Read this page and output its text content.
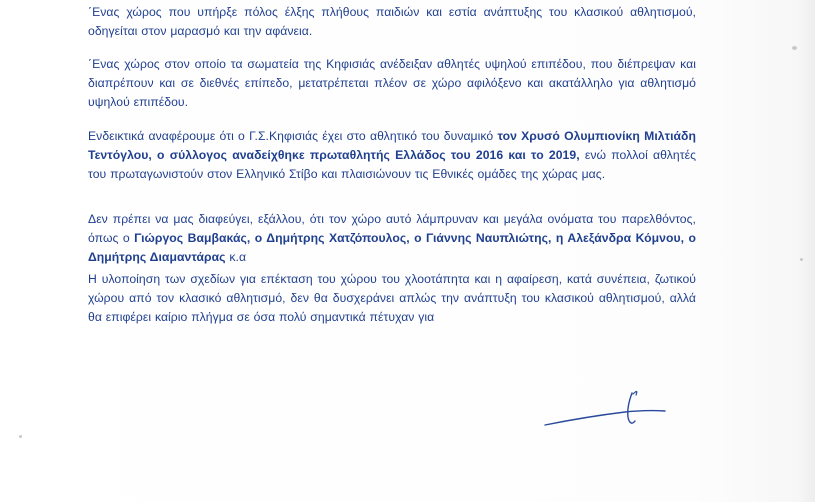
΄Ενας χώρος που υπήρξε πόλος έλξης πλήθους παιδιών και εστία ανάπτυξης του κλασικού αθλητισμού, οδηγείται στον μαρασμό και την αφάνεια.

΄Ενας χώρος στον οποίο τα σωματεία της Κηφισιάς ανέδειξαν αθλητές υψηλού επιπέδου, που διέπρεψαν και διαπρέπουν και σε διεθνές επίπεδο, μετατρέπεται πλέον σε χώρο αφιλόξενο και ακατάλληλο για αθλητισμό υψηλού επιπέδου.

Ενδεικτικά αναφέρουμε ότι ο Γ.Σ.Κηφισιάς έχει στο αθλητικό του δυναμικό τον Χρυσό Ολυμπιονίκη Μιλτιάδη Τεντόγλου, ο σύλλογος αναδείχθηκε πρωταθλητής Ελλάδος του 2016 και το 2019, ενώ πολλοί αθλητές του πρωταγωνιστούν στον Ελληνικό Στίβο και πλαισιώνουν τις Εθνικές ομάδες της χώρας μας.

Δεν πρέπει να μας διαφεύγει, εξάλλου, ότι τον χώρο αυτό λάμπρυναν και μεγάλα ονόματα του παρελθόντος, όπως ο Γιώργος Βαμβακάς, ο Δημήτρης Χατζόπουλος, ο Γιάννης Ναυπλιώτης, η Αλεξάνδρα Κόμνου, ο Δημήτρης Διαμαντάρας κ.α

Η υλοποίηση των σχεδίων για επέκταση του χώρου του χλοοτάπητα και η αφαίρεση, κατά συνέπεια, ζωτικού χώρου από τον κλασικό αθλητισμό, δεν θα δυσχεράνει απλώς την ανάπτυξη του κλασικού αθλητισμού, αλλά θα επιφέρει καίριο πλήγμα σε όσα πολύ σημαντικά πέτυχαν για
